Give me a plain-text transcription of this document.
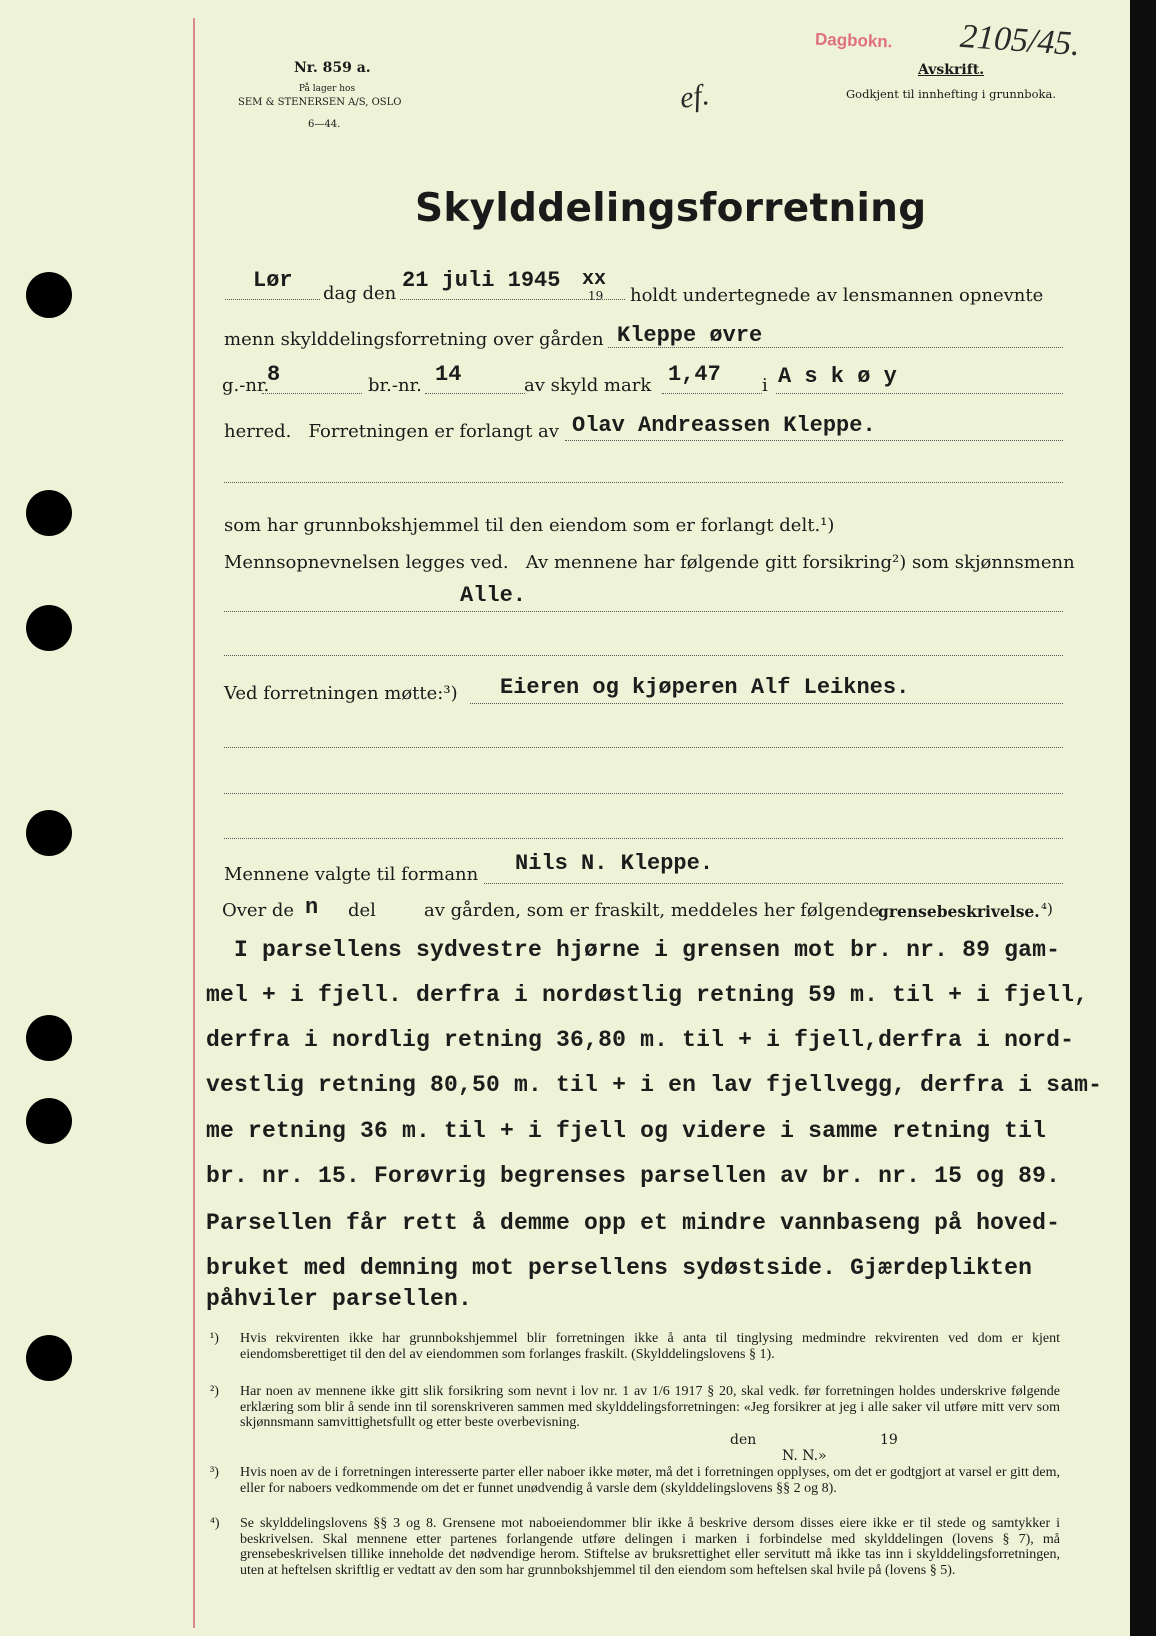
Nr. 859 a.
På lager hos
SEM & STENERSEN A/S, OSLO
6—44.
Dagbokn. 2105/45.
ef.
Avskrift.
Godkjent til innhefting i grunnboka.
Skylddelingsforretning
Lør
dag den
21 juli 1945 xx
19 holdt undertegnede av lensmannen opnevnte
menn skylddelingsforretning over gården Kleppe øvre
g.-nr.
8	br.-nr. 14	av skyld mark 1,47 i A s k ø y
herred.   Forretningen er forlangt av Olav Andreassen Kleppe.
som har grunnbokshjemmel til den eiendom som er forlangt delt.¹)
Mennsopnevnelsen legges ved.   Av mennene har følgende gitt forsikring²) som skjønnsmenn
Alle.
Ved forretningen møtte:³) Eieren og kjøperen Alf Leiknes.
Mennene valgte til formann Nils N. Kleppe.
Over de n del	av gården, som er fraskilt, meddeles her følgende
grensebeskrivelse. ⁴)
I parsellens sydvestre hjørne i grensen mot br. nr. 89 gam-
mel + i fjell. derfra i nordøstlig retning 59 m. til + i fjell,
derfra i nordlig retning 36,80 m. til + i fjell,derfra i nord-
vestlig retning 80,50 m. til + i en lav fjellvegg, derfra i sam-
me retning 36 m. til + i fjell og videre i samme retning til
br. nr. 15. Forøvrig begrenses parsellen av br. nr. 15 og 89.
Parsellen får rett å demme opp et mindre vannbaseng på hoved-
bruket med demning mot persellens sydøstside. Gjærdeplikten
påhviler parsellen.
¹) Hvis rekvirenten ikke har grunnbokshjemmel blir forretningen ikke å anta til tinglysing medmindre rekvirenten ved dom er kjent eiendomsberettiget til den del av eiendommen som forlanges fraskilt. (Skylddelingslovens § 1).
²) Har noen av mennene ikke gitt slik forsikring som nevnt i lov nr. 1 av 1/6 1917 § 20, skal vedk. før forretningen holdes underskrive følgende erklæring som blir å sende inn til sorenskriveren sammen med skylddelingsforretningen: «Jeg forsikrer at jeg i alle saker vil utføre mitt verv som skjønnsmann samvittighetsfullt og etter beste overbevisning.
den	19
N. N.»
³) Hvis noen av de i forretningen interesserte parter eller naboer ikke møter, må det i forretningen opplyses, om det er godtgjort at varsel er gitt dem, eller for naboers vedkommende om det er funnet unødvendig å varsle dem (skylddelingslovens §§ 2 og 8).
⁴) Se skylddelingslovens §§ 3 og 8. Grensene mot naboeiendommer blir ikke å beskrive dersom disses eiere ikke er til stede og samtykker i beskrivelsen. Skal mennene etter partenes forlangende utføre delingen i marken i forbindelse med skylddelingen (lovens § 7), må grensebeskrivelsen tillike inneholde det nødvendige herom. Stiftelse av bruksrettighet eller servitutt må ikke tas inn i skylddelingsforretningen, uten at heftelsen skriftlig er vedtatt av den som har grunnbokshjemmel til den eiendom som heftelsen skal hvile på (lovens § 5).
